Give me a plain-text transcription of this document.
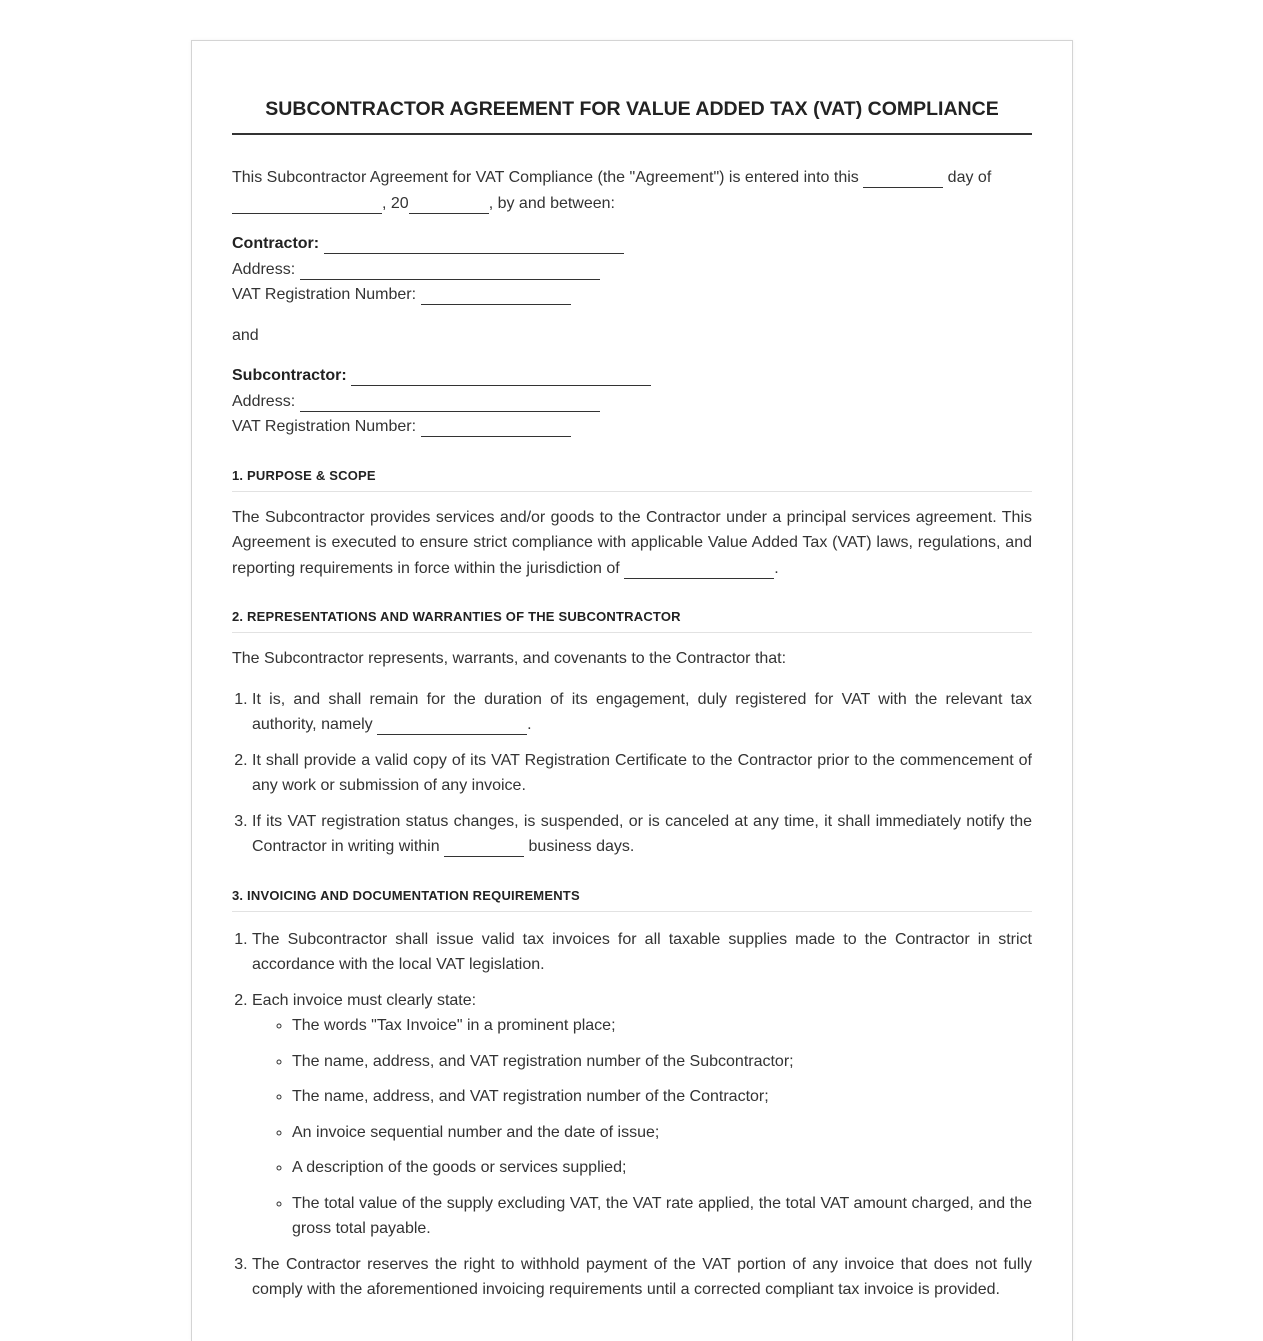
SUBCONTRACTOR AGREEMENT FOR VALUE ADDED TAX (VAT) COMPLIANCE

This Subcontractor Agreement for VAT Compliance (the "Agreement") is entered into this	day of
, 20	, by and between:

Contractor:
Address:
VAT Registration Number:

and

Subcontractor:
Address:
VAT Registration Number:
1. PURPOSE & SCOPE

The Subcontractor provides services and/or goods to the Contractor under a principal services agreement. This Agreement is executed to ensure strict compliance with applicable Value Added Tax (VAT) laws, regulations, and reporting requirements in force within the jurisdiction of	.

2. REPRESENTATIONS AND WARRANTIES OF THE SUBCONTRACTOR

The Subcontractor represents, warrants, and covenants to the Contractor that:

1. It is, and shall remain for the duration of its engagement, duly registered for VAT with the relevant tax authority, namely	.
2. It shall provide a valid copy of its VAT Registration Certificate to the Contractor prior to the commencement of any work or submission of any invoice.
3. If its VAT registration status changes, is suspended, or is canceled at any time, it shall immediately notify the Contractor in writing within	business days.
3. INVOICING AND DOCUMENTATION REQUIREMENTS
1. The Subcontractor shall issue valid tax invoices for all taxable supplies made to the Contractor in strict accordance with the local VAT legislation.
2. Each invoice must clearly state:
◦ The words "Tax Invoice" in a prominent place;
◦ The name, address, and VAT registration number of the Subcontractor;
◦ The name, address, and VAT registration number of the Contractor;
◦ An invoice sequential number and the date of issue;
◦ A description of the goods or services supplied;
◦ The total value of the supply excluding VAT, the VAT rate applied, the total VAT amount charged, and the gross total payable.
3. The Contractor reserves the right to withhold payment of the VAT portion of any invoice that does not fully comply with the aforementioned invoicing requirements until a corrected compliant tax invoice is provided.
